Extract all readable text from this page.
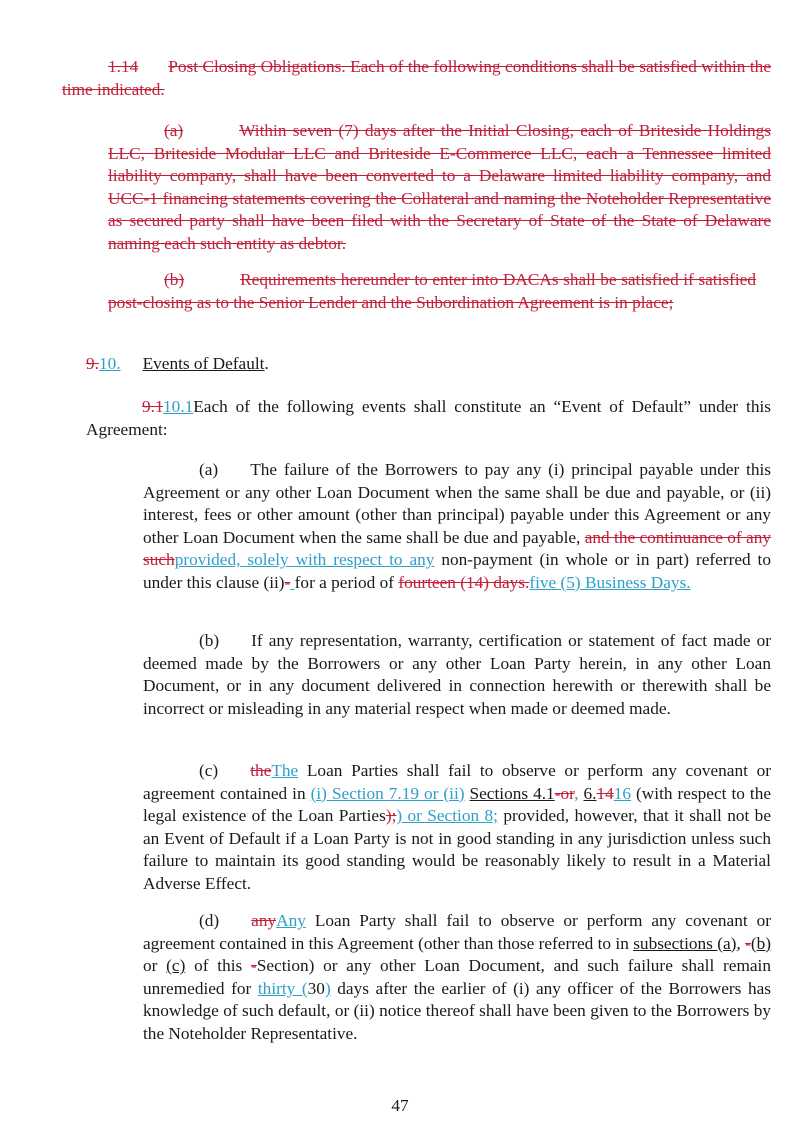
1.14 Post Closing Obligations. Each of the following conditions shall be satisfied within the time indicated.

(a)	Within seven (7) days after the Initial Closing, each of Briteside Holdings LLC, Briteside Modular LLC and Briteside E-Commerce LLC, each a Tennessee limited liability company, shall have been converted to a Delaware limited liability company, and UCC-1 financing statements covering the Collateral and naming the Noteholder Representative as secured party shall have been filed with the Secretary of State of the State of Delaware naming each such entity as debtor.

(b)	Requirements hereunder to enter into DACAs shall be satisfied if satisfied post-closing as to the Senior Lender and the Subordination Agreement is in place;

9.10. Events of Default.

9.110.1Each of the following events shall constitute an “Event of Default” under this Agreement:

(a) The failure of the Borrowers to pay any (i) principal payable under this Agreement or any other Loan Document when the same shall be due and payable, or (ii) interest, fees or other amount (other than principal) payable under this Agreement or any other Loan Document when the same shall be due and payable, and the continuance of any suchprovided, solely with respect to any non-payment (in whole or in part) referred to under this clause (ii)- for a period of fourteen (14) days.five (5) Business Days.

(b) If any representation, warranty, certification or statement of fact made or deemed made by the Borrowers or any other Loan Party herein, in any other Loan Document, or in any document delivered in connection herewith or therewith shall be incorrect or misleading in any material respect when made or deemed made.

(c) theThe Loan Parties shall fail to observe or perform any covenant or agreement contained in (i) Section 7.19 or (ii) Sections 4.1-or, 6.1416 (with respect to the legal existence of the Loan Parties);) or Section 8; provided, however, that it shall not be an Event of Default if a Loan Party is not in good standing in any jurisdiction unless such failure to maintain its good standing would be reasonably likely to result in a Material Adverse Effect.

(d) anyAny Loan Party shall fail to observe or perform any covenant or agreement contained in this Agreement (other than those referred to in subsections (a), -(b) or (c) of this -Section) or any other Loan Document, and such failure shall remain unremedied for thirty (30) days after the earlier of (i) any officer of the Borrowers has knowledge of such default, or (ii) notice thereof shall have been given to the Borrowers by the Noteholder Representative.

47
